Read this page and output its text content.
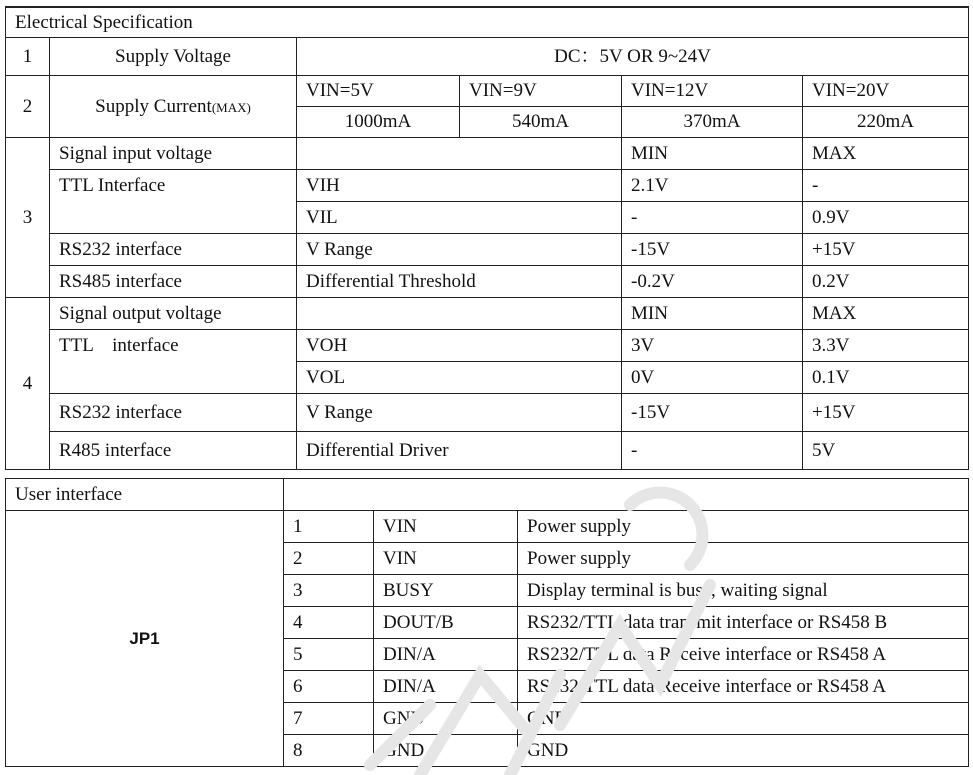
Electrical Specification					
1	Supply Voltage	DC：5V OR 9~24V			
2	Supply Current(MAX)	VIN=5V	VIN=9V	VIN=12V	VIN=20V
		1000mA	540mA	370mA	220mA
3	Signal input voltage			MIN	MAX
	TTL Interface	VIH		2.1V	-
		VIL		-	0.9V
	RS232 interface	V Range		-15V	+15V
	RS485 interface	Differential Threshold		-0.2V	0.2V
4	Signal output voltage			MIN	MAX
	TTL    interface	VOH		3V	3.3V
		VOL		0V	0.1V
	RS232 interface	V Range		-15V	+15V
	R485 interface	Differential Driver		-	5V
User interface			
JP1	1	VIN	Power supply
	2	VIN	Power supply
	3	BUSY	Display terminal is busy, waiting signal
	4	DOUT/B	RS232/TTL data transmit interface or RS458 B
	5	DIN/A	RS232/TTL data Receive interface or RS458 A
	6	DIN/A	RS232/TTL data Receive interface or RS458 A
	7	GND	GND
	8	GND	GND
